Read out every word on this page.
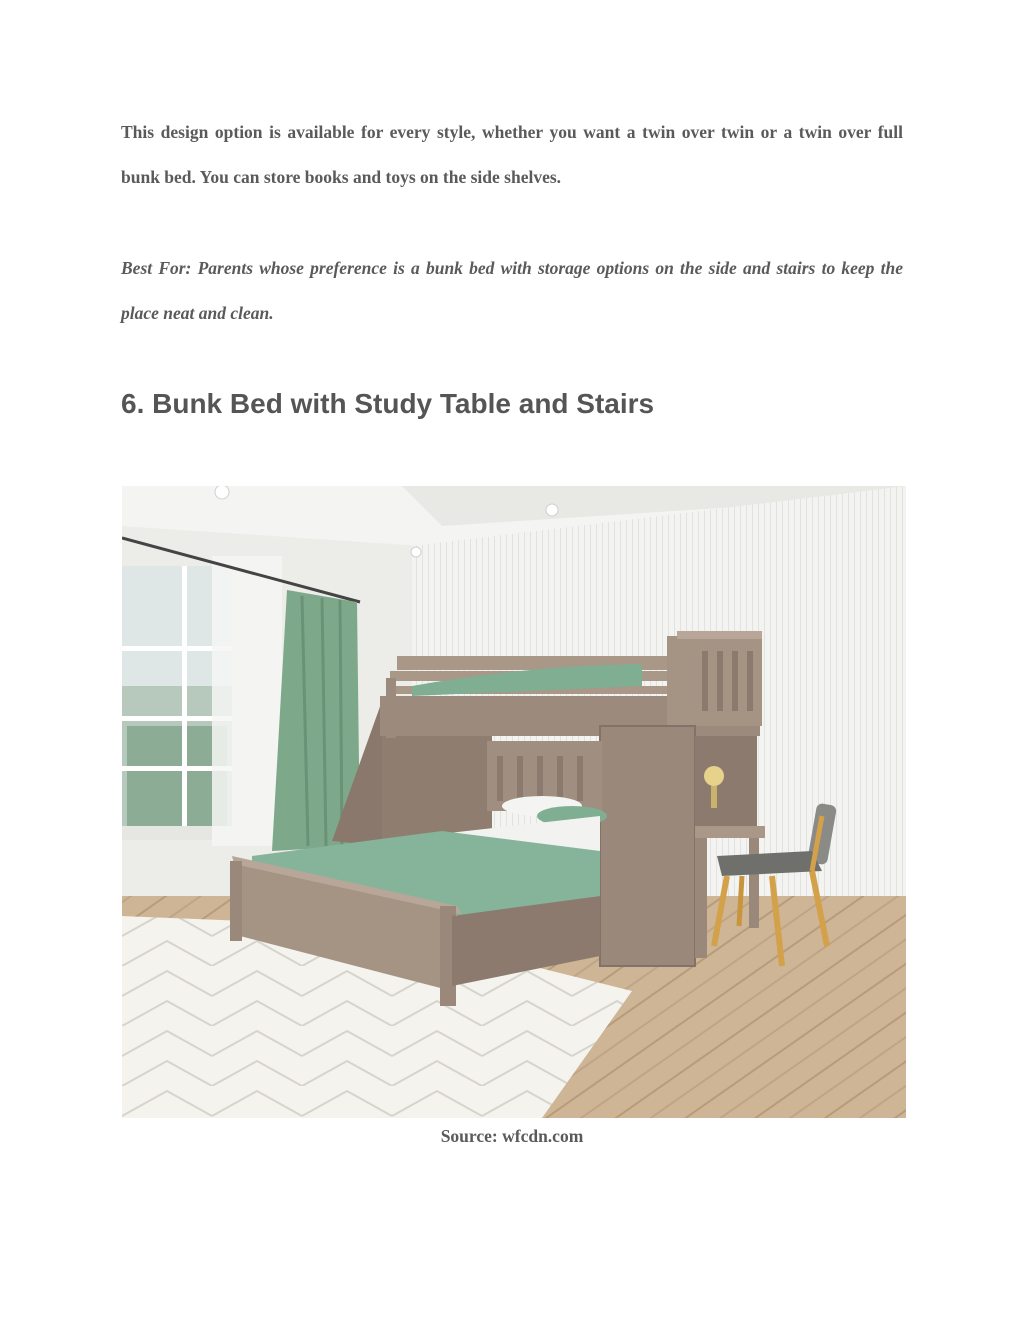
This design option is available for every style, whether you want a twin over twin or a twin over full bunk bed. You can store books and toys on the side shelves.

Best For: Parents whose preference is a bunk bed with storage options on the side and stairs to keep the place neat and clean.

6. Bunk Bed with Study Table and Stairs
Source: wfcdn.com
